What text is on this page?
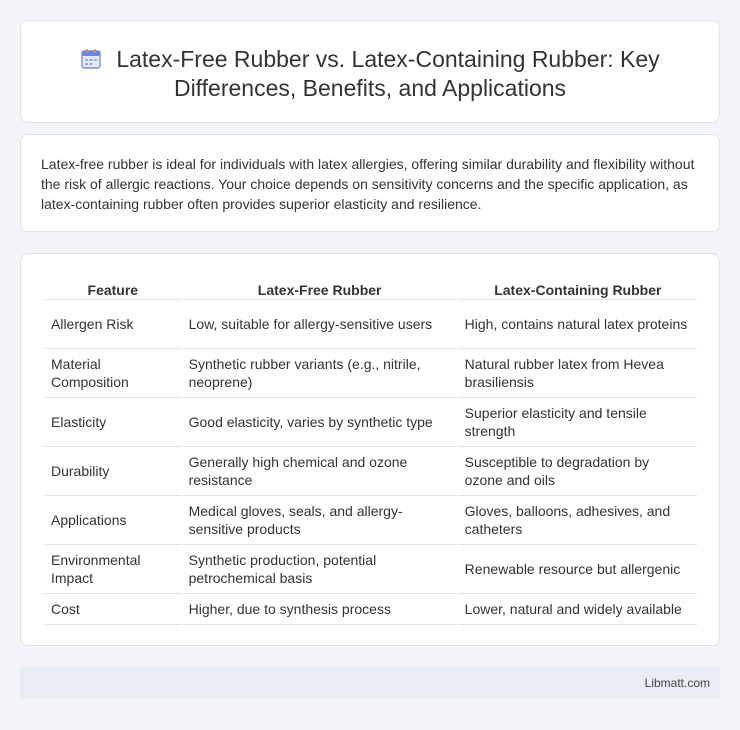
Latex-Free Rubber vs. Latex-Containing Rubber: Key
Differences, Benefits, and Applications

Latex-free rubber is ideal for individuals with latex allergies, offering similar durability and flexibility without the risk of allergic reactions. Your choice depends on sensitivity concerns and the specific application, as latex-containing rubber often provides superior elasticity and resilience.

Feature	Latex-Free Rubber	Latex-Containing Rubber
Allergen Risk	Low, suitable for allergy-sensitive users	High, contains natural latex proteins
Material Composition	Synthetic rubber variants (e.g., nitrile, neoprene)	Natural rubber latex from Hevea brasiliensis
Elasticity	Good elasticity, varies by synthetic type	Superior elasticity and tensile strength
Durability	Generally high chemical and ozone resistance	Susceptible to degradation by ozone and oils
Applications	Medical gloves, seals, and allergy-sensitive products	Gloves, balloons, adhesives, and catheters
Environmental Impact	Synthetic production, potential petrochemical basis	Renewable resource but allergenic
Cost	Higher, due to synthesis process	Lower, natural and widely available
Libmatt.com
